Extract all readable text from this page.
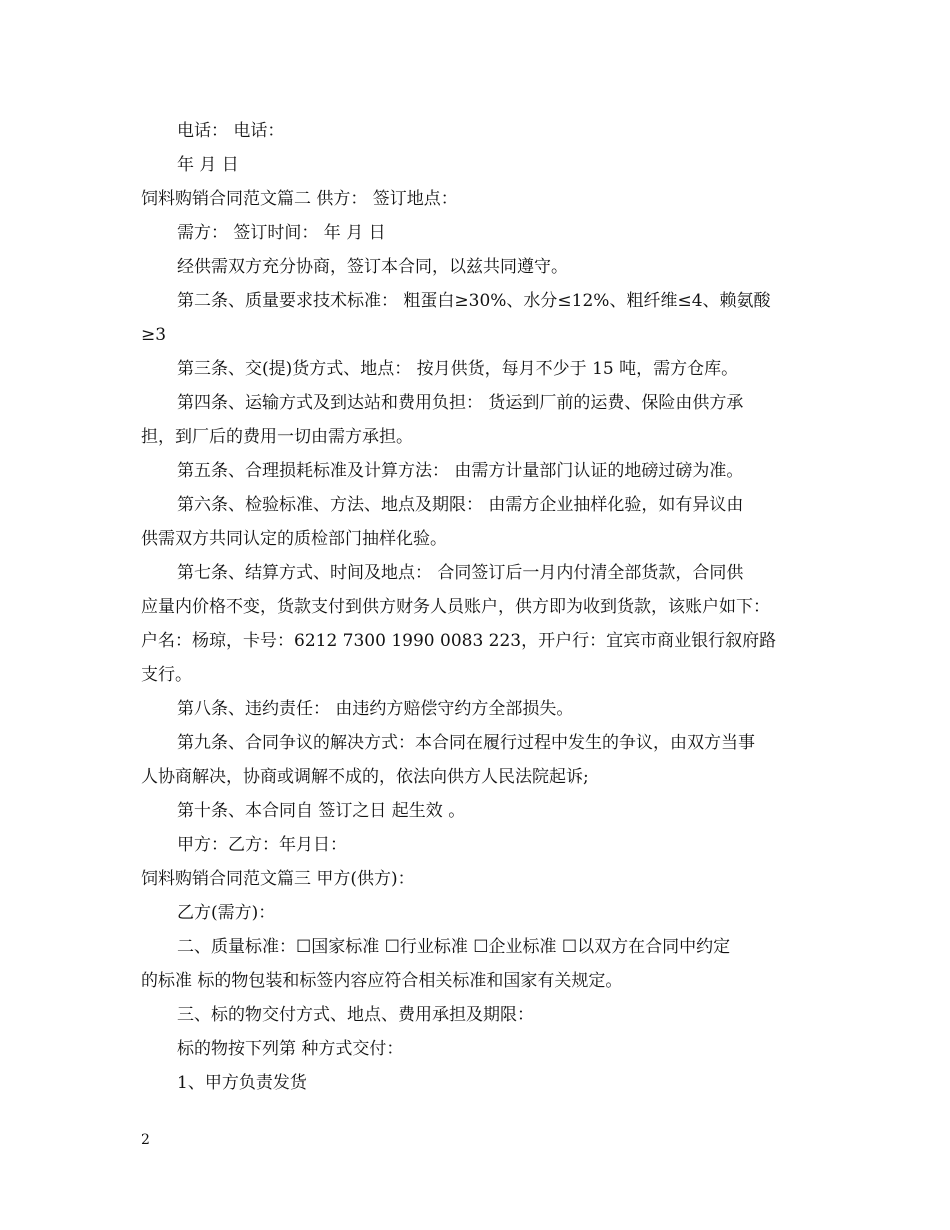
电话： 电话：
年 月 日
饲料购销合同范文篇二 供方： 签订地点：
需方： 签订时间： 年 月 日
经供需双方充分协商，签订本合同，以兹共同遵守。
第二条、质量要求技术标准： 粗蛋白≥30%、水分≤12%、粗纤维≤4、赖氨酸
≥3
第三条、交(提)货方式、地点： 按月供货，每月不少于 15 吨，需方仓库。
第四条、运输方式及到达站和费用负担： 货运到厂前的运费、保险由供方承
担，到厂后的费用一切由需方承担。
第五条、合理损耗标准及计算方法： 由需方计量部门认证的地磅过磅为准。
第六条、检验标准、方法、地点及期限： 由需方企业抽样化验，如有异议由
供需双方共同认定的质检部门抽样化验。
第七条、结算方式、时间及地点： 合同签订后一月内付清全部货款，合同供
应量内价格不变，货款支付到供方财务人员账户，供方即为收到货款，该账户如下：
户名：杨琼，卡号：6212 7300 1990 0083 223，开户行：宜宾市商业银行叙府路
支行。
第八条、违约责任： 由违约方赔偿守约方全部损失。
第九条、合同争议的解决方式：本合同在履行过程中发生的争议，由双方当事
人协商解决，协商或调解不成的，依法向供方人民法院起诉;
第十条、本合同自 签订之日 起生效 。
甲方：乙方：年月日：
饲料购销合同范文篇三 甲方(供方)：
乙方(需方)：
二、质量标准：☐国家标准 ☐行业标准 ☐企业标准 ☐以双方在合同中约定
的标准 标的物包装和标签内容应符合相关标准和国家有关规定。
三、标的物交付方式、地点、费用承担及期限：
标的物按下列第 种方式交付：
1、甲方负责发货
2
